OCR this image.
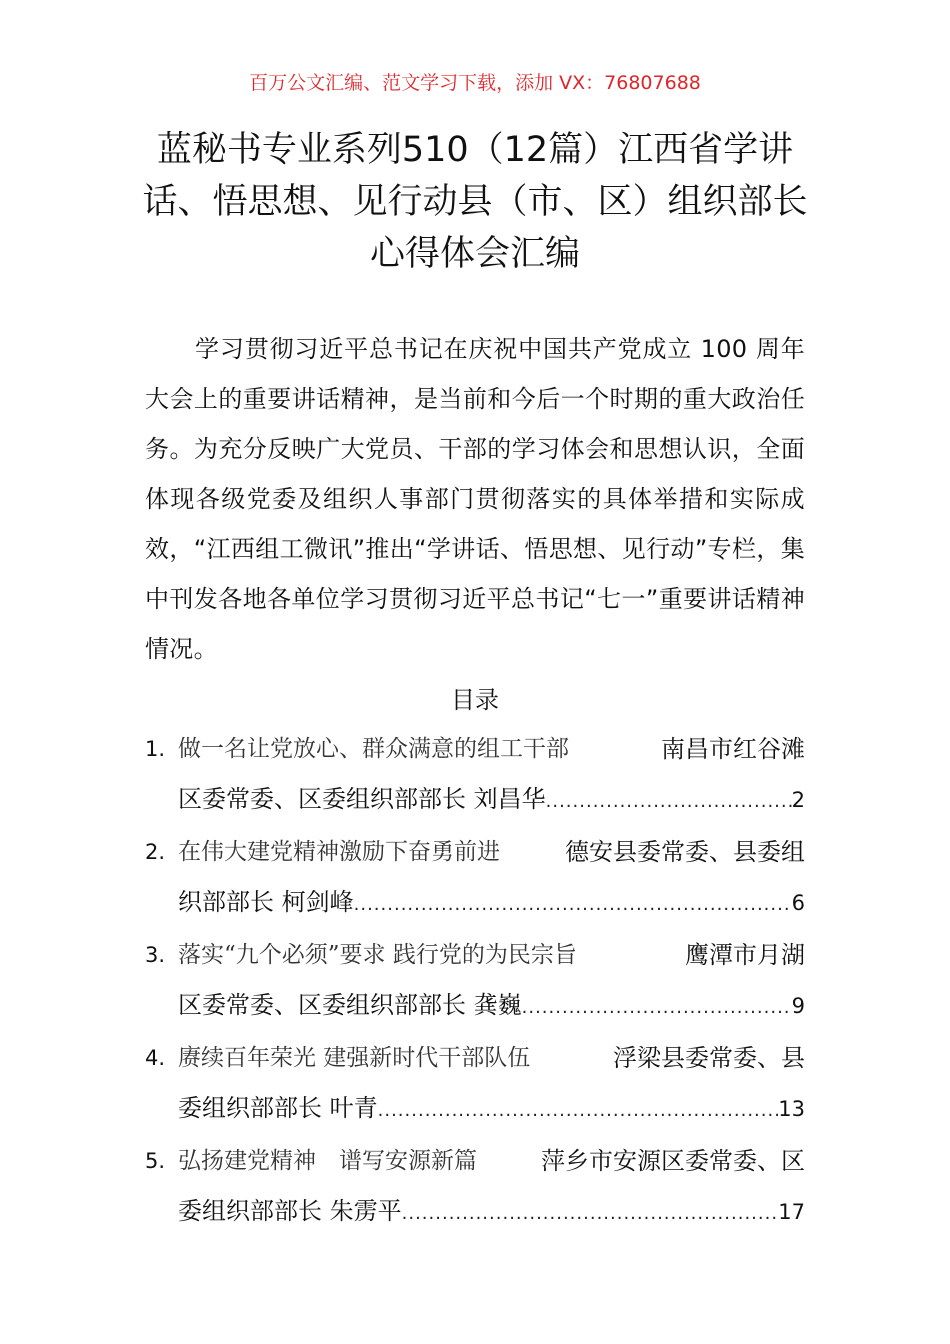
百万公文汇编、范文学习下载，添加 VX：76807688
蓝秘书专业系列510（12篇）江西省学讲话、悟思想、见行动县（市、区）组织部长心得体会汇编
学习贯彻习近平总书记在庆祝中国共产党成立 100 周年大会上的重要讲话精神，是当前和今后一个时期的重大政治任务。为充分反映广大党员、干部的学习体会和思想认识，全面体现各级党委及组织人事部门贯彻落实的具体举措和实际成效，“江西组工微讯”推出“学讲话、悟思想、见行动”专栏，集中刊发各地各单位学习贯彻习近平总书记“七一”重要讲话精神情况。
目录
1. 做一名让党放心、群众满意的组工干部	南昌市红谷滩
区委常委、区委组织部部长 刘昌华 .....	2
2. 在伟大建党精神激励下奋勇前进	德安县委常委、县委组
织部部长 柯剑峰 .....	6
3. 落实“九个必须”要求 践行党的为民宗旨	鹰潭市月湖
区委常委、区委组织部部长 龚巍 .....	9
4. 赓续百年荣光 建强新时代干部队伍	浮梁县委常委、县
委组织部部长 叶青 .....	13
5. 弘扬建党精神　谱写安源新篇	萍乡市安源区委常委、区
委组织部部长 朱雳平 .....	17
